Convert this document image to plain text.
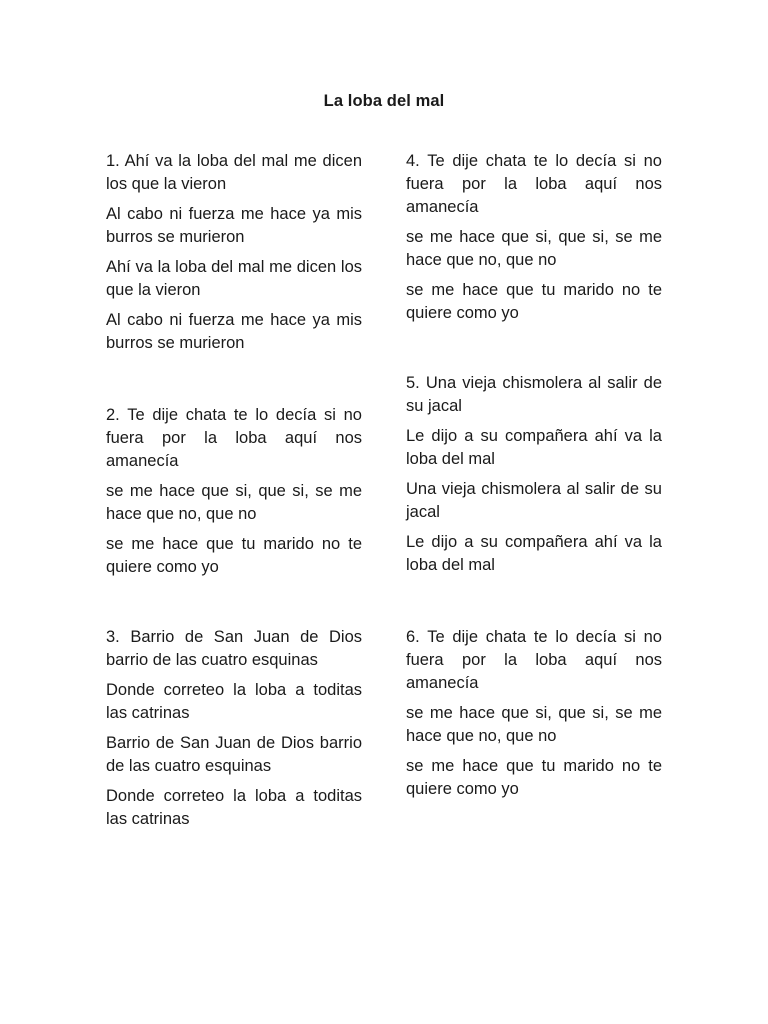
La loba del mal

1. Ahí va la loba del mal me dicen los que la vieron

Al cabo ni fuerza me hace ya mis burros se murieron

Ahí va la loba del mal me dicen los que la vieron

Al cabo ni fuerza me hace ya mis burros se murieron

2. Te dije chata te lo decía si no fuera por la loba aquí nos amanecía

se me hace que si, que si, se me hace que no, que no

se me hace que tu marido no te quiere como yo

3. Barrio de San Juan de Dios barrio de las cuatro esquinas

Donde correteo la loba a toditas las catrinas

Barrio de San Juan de Dios barrio de las cuatro esquinas

Donde correteo la loba a toditas las catrinas

4. Te dije chata te lo decía si no fuera por la loba aquí nos amanecía

se me hace que si, que si, se me hace que no, que no

se me hace que tu marido no te quiere como yo

5. Una vieja chismolera al salir de su jacal

Le dijo a su compañera ahí va la loba del mal

Una vieja chismolera al salir de su jacal

Le dijo a su compañera ahí va la loba del mal

6. Te dije chata te lo decía si no fuera por la loba aquí nos amanecía

se me hace que si, que si, se me hace que no, que no

se me hace que tu marido no te quiere como yo
